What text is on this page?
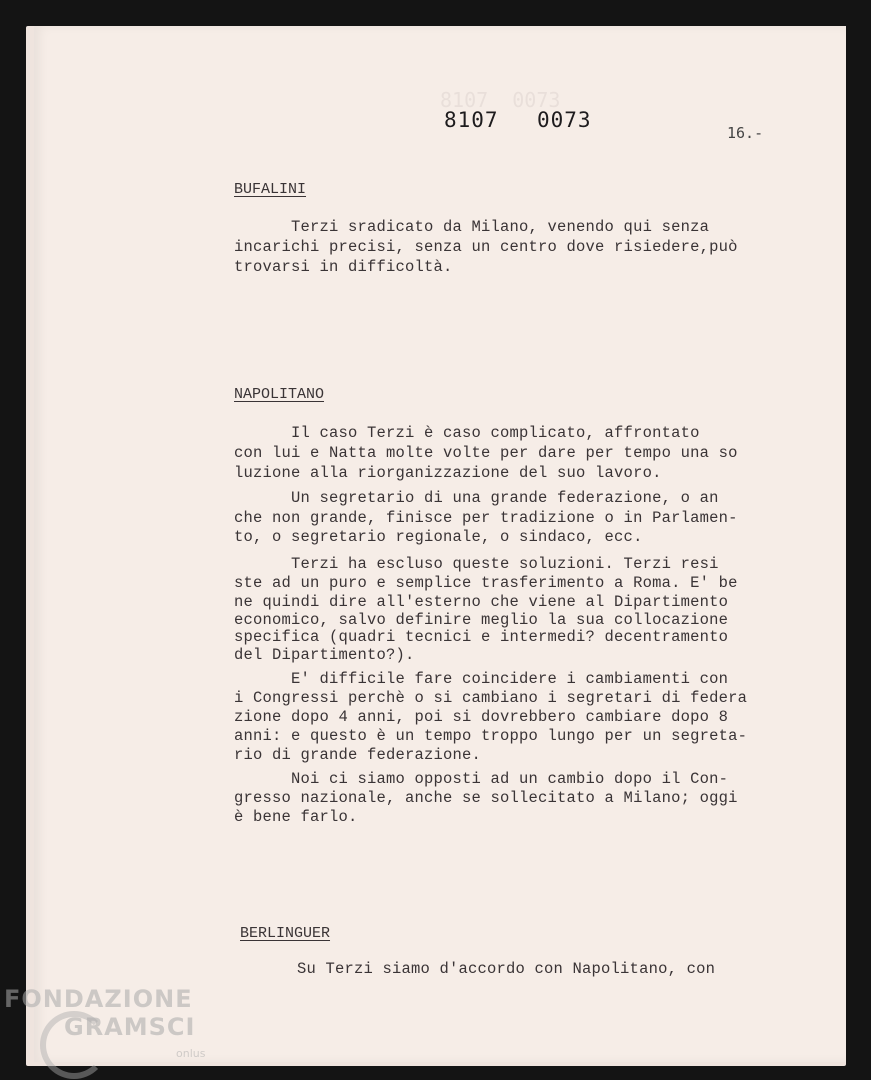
8107  0073
8107 0073
16.-
BUFALINI
Terzi sradicato da Milano, venendo qui senza
incarichi precisi, senza un centro dove risiedere,può
trovarsi in difficoltà.
NAPOLITANO
Il caso Terzi è caso complicato, affrontato
con lui e Natta molte volte per dare per tempo una so
luzione alla riorganizzazione del suo lavoro.
Un segretario di una grande federazione, o an
che non grande, finisce per tradizione o in Parlamen-
to, o segretario regionale, o sindaco, ecc.
Terzi ha escluso queste soluzioni. Terzi resi
ste ad un puro e semplice trasferimento a Roma. E' be
ne quindi dire all'esterno che viene al Dipartimento
economico, salvo definire meglio la sua collocazione
specifica (quadri tecnici e intermedi? decentramento
del Dipartimento?).
E' difficile fare coincidere i cambiamenti con
i Congressi perchè o si cambiano i segretari di federa
zione dopo 4 anni, poi si dovrebbero cambiare dopo 8
anni: e questo è un tempo troppo lungo per un segreta-
rio di grande federazione.
Noi ci siamo opposti ad un cambio dopo il Con-
gresso nazionale, anche se sollecitato a Milano; oggi
è bene farlo.
BERLINGUER
Su Terzi siamo d'accordo con Napolitano, con
FONDAZIONE
GRAMSCI
onlus
